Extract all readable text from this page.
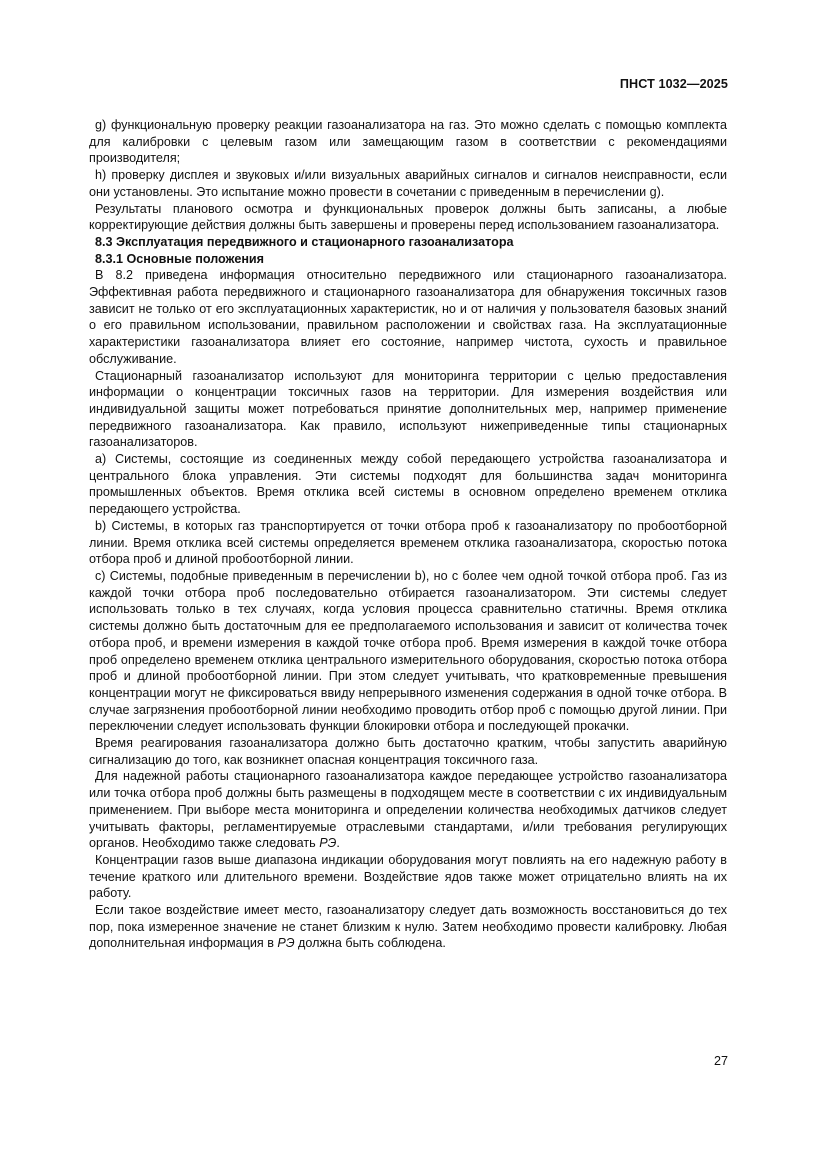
ПНСТ 1032—2025

g) функциональную проверку реакции газоанализатора на газ. Это можно сделать с помощью комплекта для калибровки с целевым газом или замещающим газом в соответствии с рекомендациями производителя;

h) проверку дисплея и звуковых и/или визуальных аварийных сигналов и сигналов неисправности, если они установлены. Это испытание можно провести в сочетании с приведенным в перечислении g).

Результаты планового осмотра и функциональных проверок должны быть записаны, а любые корректирующие действия должны быть завершены и проверены перед использованием газоанализатора.

8.3 Эксплуатация передвижного и стационарного газоанализатора

8.3.1 Основные положения

В 8.2 приведена информация относительно передвижного или стационарного газоанализатора. Эффективная работа передвижного и стационарного газоанализатора для обнаружения токсичных газов зависит не только от его эксплуатационных характеристик, но и от наличия у пользователя базовых знаний о его правильном использовании, правильном расположении и свойствах газа. На эксплуатационные характеристики газоанализатора влияет его состояние, например чистота, сухость и правильное обслуживание.

Стационарный газоанализатор используют для мониторинга территории с целью предоставления информации о концентрации токсичных газов на территории. Для измерения воздействия или индивидуальной защиты может потребоваться принятие дополнительных мер, например применение передвижного газоанализатора. Как правило, используют нижеприведенные типы стационарных газоанализаторов.

a) Системы, состоящие из соединенных между собой передающего устройства газоанализатора и центрального блока управления. Эти системы подходят для большинства задач мониторинга промышленных объектов. Время отклика всей системы в основном определено временем отклика передающего устройства.

b) Системы, в которых газ транспортируется от точки отбора проб к газоанализатору по пробоотборной линии. Время отклика всей системы определяется временем отклика газоанализатора, скоростью потока отбора проб и длиной пробоотборной линии.

c) Системы, подобные приведенным в перечислении b), но с более чем одной точкой отбора проб. Газ из каждой точки отбора проб последовательно отбирается газоанализатором. Эти системы следует использовать только в тех случаях, когда условия процесса сравнительно статичны. Время отклика системы должно быть достаточным для ее предполагаемого использования и зависит от количества точек отбора проб, и времени измерения в каждой точке отбора проб. Время измерения в каждой точке отбора проб определено временем отклика центрального измерительного оборудования, скоростью потока отбора проб и длиной пробоотборной линии. При этом следует учитывать, что кратковременные превышения концентрации могут не фиксироваться ввиду непрерывного изменения содержания в одной точке отбора. В случае загрязнения пробоотборной линии необходимо проводить отбор проб с помощью другой линии. При переключении следует использовать функции блокировки отбора и последующей прокачки.

Время реагирования газоанализатора должно быть достаточно кратким, чтобы запустить аварийную сигнализацию до того, как возникнет опасная концентрация токсичного газа.

Для надежной работы стационарного газоанализатора каждое передающее устройство газоанализатора или точка отбора проб должны быть размещены в подходящем месте в соответствии с их индивидуальным применением. При выборе места мониторинга и определении количества необходимых датчиков следует учитывать факторы, регламентируемые отраслевыми стандартами, и/или требования регулирующих органов. Необходимо также следовать РЭ.

Концентрации газов выше диапазона индикации оборудования могут повлиять на его надежную работу в течение краткого или длительного времени. Воздействие ядов также может отрицательно влиять на их работу.

Если такое воздействие имеет место, газоанализатору следует дать возможность восстановиться до тех пор, пока измеренное значение не станет близким к нулю. Затем необходимо провести калибровку. Любая дополнительная информация в РЭ должна быть соблюдена.

27
